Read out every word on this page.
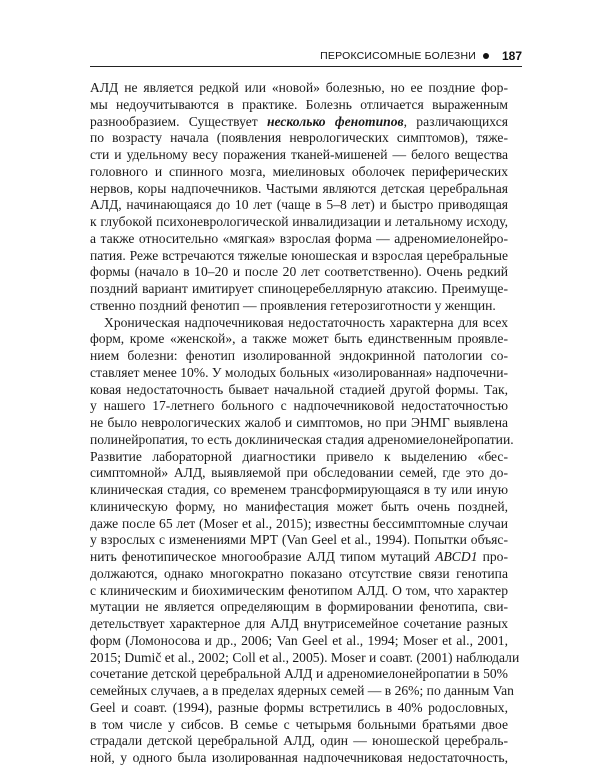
ПЕРОКСИСОМНЫЕ БОЛЕЗНИ 187
АЛД не является редкой или «новой» болезнью, но ее поздние фор-
мы недоучитываются в практике. Болезнь отличается выраженным
разнообразием. Существует несколько фенотипов, различающихся
по возрасту начала (появления неврологических симптомов), тяже-
сти и удельному весу поражения тканей-мишеней — белого вещества
головного и спинного мозга, миелиновых оболочек периферических
нервов, коры надпочечников. Частыми являются детская церебральная
АЛД, начинающаяся до 10 лет (чаще в 5–8 лет) и быстро приводящая
к глубокой психоневрологической инвалидизации и летальному исходу,
а также относительно «мягкая» взрослая форма — адреномиелонейро-
патия. Реже встречаются тяжелые юношеская и взрослая церебральные
формы (начало в 10–20 и после 20 лет соответственно). Очень редкий
поздний вариант имитирует спиноцеребеллярную атаксию. Преимуще-
ственно поздний фенотип — проявления гетерозиготности у женщин.
Хроническая надпочечниковая недостаточность характерна для всех
форм, кроме «женской», а также может быть единственным проявле-
нием болезни: фенотип изолированной эндокринной патологии со-
ставляет менее 10%. У молодых больных «изолированная» надпочечни-
ковая недостаточность бывает начальной стадией другой формы. Так,
у нашего 17-летнего больного с надпочечниковой недостаточностью
не было неврологических жалоб и симптомов, но при ЭНМГ выявлена
полинейропатия, то есть доклиническая стадия адреномиелонейропатии.
Развитие лабораторной диагностики привело к выделению «бес-
симптомной» АЛД, выявляемой при обследовании семей, где это до-
клиническая стадия, со временем трансформирующаяся в ту или иную
клиническую форму, но манифестация может быть очень поздней,
даже после 65 лет (Moser et al., 2015); известны бессимптомные случаи
у взрослых с изменениями МРТ (Van Geel et al., 1994). Попытки объяс-
нить фенотипическое многообразие АЛД типом мутаций ABCD1 про-
должаются, однако многократно показано отсутствие связи генотипа
с клиническим и биохимическим фенотипом АЛД. О том, что характер
мутации не является определяющим в формировании фенотипа, сви-
детельствует характерное для АЛД внутрисемейное сочетание разных
форм (Ломоносова и др., 2006; Van Geel et al., 1994; Moser et al., 2001,
2015; Dumič et al., 2002; Coll et al., 2005). Moser и соавт. (2001) наблюдали
сочетание детской церебральной АЛД и адреномиелонейропатии в 50%
семейных случаев, а в пределах ядерных семей — в 26%; по данным Van
Geel и соавт. (1994), разные формы встретились в 40% родословных,
в том числе у сибсов. В семье с четырьмя больными братьями двое
страдали детской церебральной АЛД, один — юношеской церебраль-
ной, у одного была изолированная надпочечниковая недостаточность,
